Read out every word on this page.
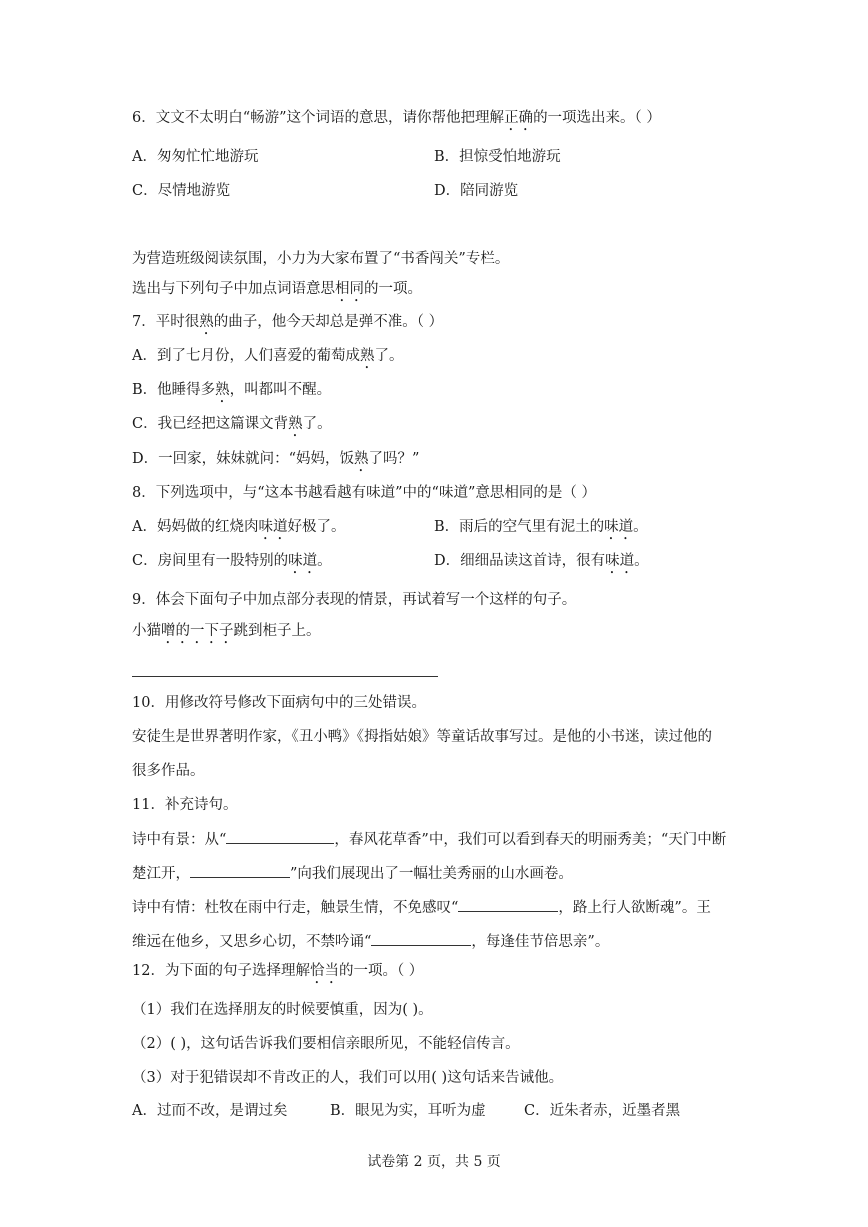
6．文文不太明白“畅游”这个词语的意思，请你帮他把理解正确的一项选出来。（ ）
A．匆匆忙忙地游玩	B．担惊受怕地游玩
C．尽情地游览	D．陪同游览
为营造班级阅读氛围，小力为大家布置了“书香闯关”专栏。
选出与下列句子中加点词语意思相同的一项。
7．平时很熟的曲子，他今天却总是弹不准。（ ）
A．到了七月份，人们喜爱的葡萄成熟了。
B．他睡得多熟，叫都叫不醒。
C．我已经把这篇课文背熟了。
D．一回家，妹妹就问：“妈妈，饭熟了吗？”
8．下列选项中，与“这本书越看越有味道”中的“味道”意思相同的是（ ）
A．妈妈做的红烧肉味道好极了。	B．雨后的空气里有泥土的味道。
C．房间里有一股特别的味道。	D．细细品读这首诗，很有味道。
9．体会下面句子中加点部分表现的情景，再试着写一个这样的句子。
小猫噌的一下子跳到柜子上。
10．用修改符号修改下面病句中的三处错误。
安徒生是世界著明作家，《丑小鸭》《拇指姑娘》等童话故事写过。是他的小书迷，读过他的
很多作品。
11．补充诗句。
诗中有景：从“	，春风花草香”中，我们可以看到春天的明丽秀美；“天门中断
楚江开，	”向我们展现出了一幅壮美秀丽的山水画卷。
诗中有情：杜牧在雨中行走，触景生情，不免感叹“	，路上行人欲断魂”。王
维远在他乡，又思乡心切，不禁吟诵“	，每逢佳节倍思亲”。
12．为下面的句子选择理解恰当的一项。（ ）
（1）我们在选择朋友的时候要慎重，因为( )。
（2）( )，这句话告诉我们要相信亲眼所见，不能轻信传言。
（3）对于犯错误却不肯改正的人，我们可以用( )这句话来告诫他。
A．过而不改，是谓过矣	B．眼见为实，耳听为虚	C．近朱者赤，近墨者黑
试卷第 2 页，共 5 页
